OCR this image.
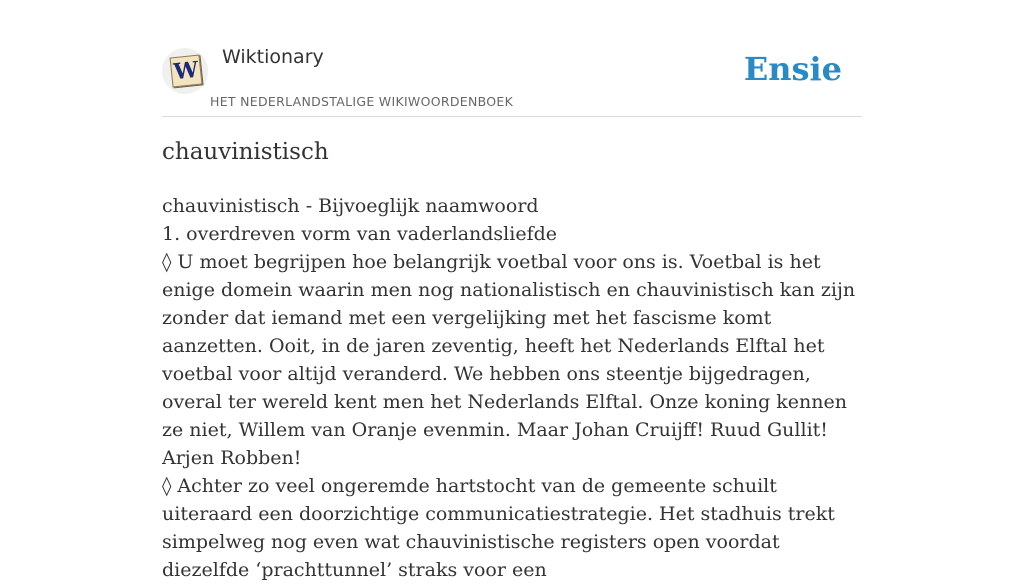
W Wiktionary
HET NEDERLANDSTALIGE WIKIWOORDENBOEK
Ensie
chauvinistisch

chauvinistisch - Bijvoeglijk naamwoord

1. overdreven vorm van vaderlandsliefde

◊ U moet begrijpen hoe belangrijk voetbal voor ons is. Voetbal is het enige domein waarin men nog nationalistisch en chauvinistisch kan zijn zonder dat iemand met een vergelijking met het fascisme komt aanzetten. Ooit, in de jaren zeventig, heeft het Nederlands Elftal het voetbal voor altijd veranderd. We hebben ons steentje bijgedragen, overal ter wereld kent men het Nederlands Elftal. Onze koning kennen ze niet, Willem van Oranje evenmin. Maar Johan Cruijff! Ruud Gullit! Arjen Robben!

◊ Achter zo veel ongeremde hartstocht van de gemeente schuilt uiteraard een doorzichtige communicatiestrategie. Het stadhuis trekt simpelweg nog even wat chauvinistische registers open voordat diezelfde ‘prachttunnel’ straks voor een
